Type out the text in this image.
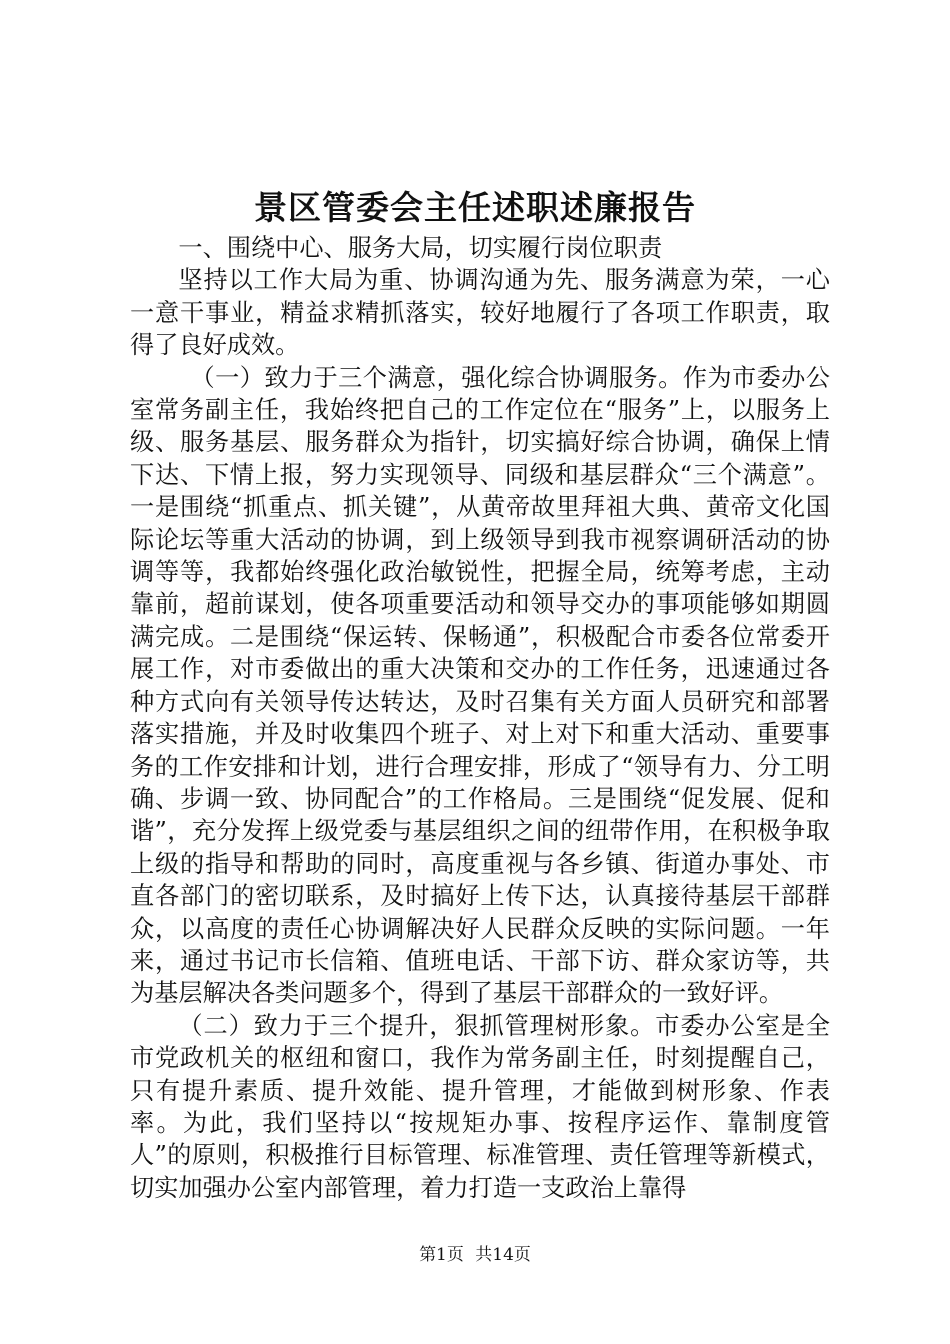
景区管委会主任述职述廉报告

一、围绕中心、服务大局，切实履行岗位职责

坚持以工作大局为重、协调沟通为先、服务满意为荣，一心一意干事业，精益求精抓落实，较好地履行了各项工作职责，取得了良好成效。

（一）致力于三个满意，强化综合协调服务。作为市委办公室常务副主任，我始终把自己的工作定位在“服务”上，以服务上级、服务基层、服务群众为指针，切实搞好综合协调，确保上情下达、下情上报，努力实现领导、同级和基层群众“三个满意”。一是围绕“抓重点、抓关键”，从黄帝故里拜祖大典、黄帝文化国际论坛等重大活动的协调，到上级领导到我市视察调研活动的协调等等，我都始终强化政治敏锐性，把握全局，统筹考虑，主动靠前，超前谋划，使各项重要活动和领导交办的事项能够如期圆满完成。二是围绕“保运转、保畅通”，积极配合市委各位常委开展工作，对市委做出的重大决策和交办的工作任务，迅速通过各种方式向有关领导传达转达，及时召集有关方面人员研究和部署落实措施，并及时收集四个班子、对上对下和重大活动、重要事务的工作安排和计划，进行合理安排，形成了“领导有力、分工明确、步调一致、协同配合”的工作格局。三是围绕“促发展、促和谐”，充分发挥上级党委与基层组织之间的纽带作用，在积极争取上级的指导和帮助的同时，高度重视与各乡镇、街道办事处、市直各部门的密切联系，及时搞好上传下达，认真接待基层干部群众，以高度的责任心协调解决好人民群众反映的实际问题。一年来，通过书记市长信箱、值班电话、干部下访、群众家访等，共为基层解决各类问题多个，得到了基层干部群众的一致好评。

（二）致力于三个提升，狠抓管理树形象。市委办公室是全市党政机关的枢纽和窗口，我作为常务副主任，时刻提醒自己，只有提升素质、提升效能、提升管理，才能做到树形象、作表率。为此，我们坚持以“按规矩办事、按程序运作、靠制度管人”的原则，积极推行目标管理、标准管理、责任管理等新模式，切实加强办公室内部管理，着力打造一支政治上靠得

第1页 共14页
